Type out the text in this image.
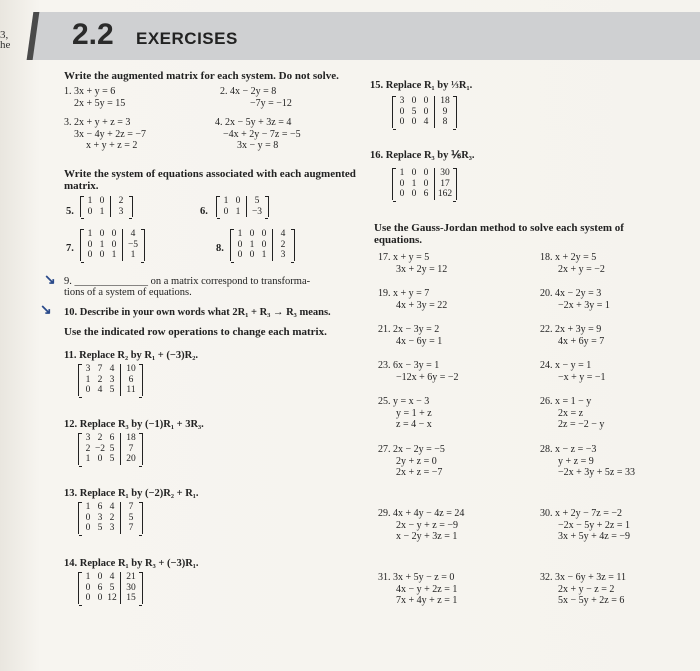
3,
he 2.2 EXERCISES
Write the augmented matrix for each system. Do not solve.
1. 3x + y = 6
2x + 5y = 15
2. 4x − 2y = 8
−7y = −12
3. 2x + y + z = 3
3x − 4y + 2z = −7
x + y + z = 2
4. 2x − 5y + 3z = 4
−4x + 2y − 7z = −5
3x − y = 8
Write the system of equations associated with each augmented
matrix.
5.
1 0	2
0 1	3	6.
1 0	5
0 1	−3
7.
1 0 0	4
0 1 0	−5
0 0 1	1
8.
1 0 0	4
0 1 0	2
0 0 1	3
↘ 9. ______________ on a matrix correspond to transforma-
tions of a system of equations.
↘ 10. Describe in your own words what 2R₁ + R₃ → R₃ means.
Use the indicated row operations to change each matrix.
11. Replace R₂ by R₁ + (−3)R₂.
3 7 4	10
1 2 3	6
0 4 5	11
12. Replace R₃ by (−1)R₁ + 3R₃.
3 2 6	18
2 −2 5	7
1 0 5	20
13. Replace R₁ by (−2)R₂ + R₁.
1 6 4	7
0 3 2	5
0 5 3	7
14. Replace R₁ by R₃ + (−3)R₁.
1 0 4	21
0 6 5	30
0 0 12	15
15. Replace R₁ by ⅓R₁.
3 0 0	18
0 5 0	9
0 0 4	8
16. Replace R₃ by ⅙R₃.
1 0 0	30
0 1 0	17
0 0 6	162
Use the Gauss-Jordan method to solve each system of
equations.
17. x + y = 5
3x + 2y = 12
18. x + 2y = 5
2x + y = −2
19. x + y = 7
4x + 3y = 22
20. 4x − 2y = 3
−2x + 3y = 1
21. 2x − 3y = 2
4x − 6y = 1
22. 2x + 3y = 9
4x + 6y = 7
23. 6x − 3y = 1
−12x + 6y = −2
24. x − y = 1
−x + y = −1
25. y = x − 3
y = 1 + z
z = 4 − x
26. x = 1 − y
2x = z
2z = −2 − y
27. 2x − 2y = −5
2y + z = 0
2x + z = −7
28. x − z = −3
y + z = 9
−2x + 3y + 5z = 33
29. 4x + 4y − 4z = 24
2x − y + z = −9
x − 2y + 3z = 1
30. x + 2y − 7z = −2
−2x − 5y + 2z = 1
3x + 5y + 4z = −9
31. 3x + 5y − z = 0
4x − y + 2z = 1
7x + 4y + z = 1
32. 3x − 6y + 3z = 11
2x + y − z = 2
5x − 5y + 2z = 6
